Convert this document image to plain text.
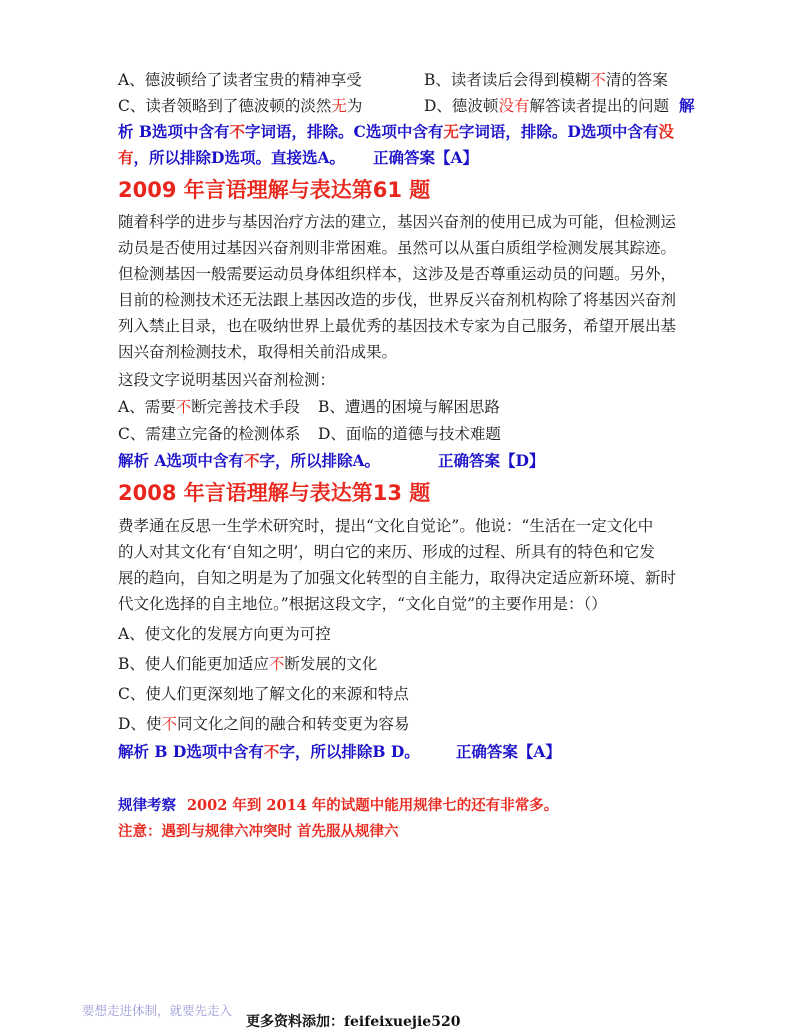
A、德波顿给了读者宝贵的精神享受	B、读者读后会得到模糊不清的答案
C、读者领略到了德波顿的淡然无为	D、德波顿没有解答读者提出的问题 解
析 B选项中含有不字词语，排除。C选项中含有无字词语，排除。D选项中含有没
有，所以排除D选项。直接选A。 正确答案【A】
2009 年言语理解与表达第61 题
随着科学的进步与基因治疗方法的建立，基因兴奋剂的使用已成为可能，但检测运
动员是否使用过基因兴奋剂则非常困难。虽然可以从蛋白质组学检测发展其踪迹。
但检测基因一般需要运动员身体组织样本，这涉及是否尊重运动员的问题。另外，
目前的检测技术还无法跟上基因改造的步伐，世界反兴奋剂机构除了将基因兴奋剂
列入禁止目录，也在吸纳世界上最优秀的基因技术专家为自己服务，希望开展出基
因兴奋剂检测技术，取得相关前沿成果。
这段文字说明基因兴奋剂检测：
A、需要不断完善技术手段 B、遭遇的困境与解困思路
C、需建立完备的检测体系 D、面临的道德与技术难题
解析 A选项中含有不字，所以排除A。	正确答案【D】
2008 年言语理解与表达第13 题
费孝通在反思一生学术研究时，提出“文化自觉论”。他说：“生活在一定文化中
的人对其文化有‘自知之明’，明白它的来历、形成的过程、所具有的特色和它发
展的趋向，自知之明是为了加强文化转型的自主能力，取得决定适应新环境、新时
代文化选择的自主地位。”根据这段文字，“文化自觉”的主要作用是：（）
A、使文化的发展方向更为可控
B、使人们能更加适应不断发展的文化
C、使人们更深刻地了解文化的来源和特点
D、使不同文化之间的融合和转变更为容易
解析 B D选项中含有不字，所以排除B D。 正确答案【A】
规律考察 2002 年到 2014 年的试题中能用规律七的还有非常多。
注意：遇到与规律六冲突时 首先服从规律六
要想走进体制，就要先走入
更多资料添加：feifeixuejie520
